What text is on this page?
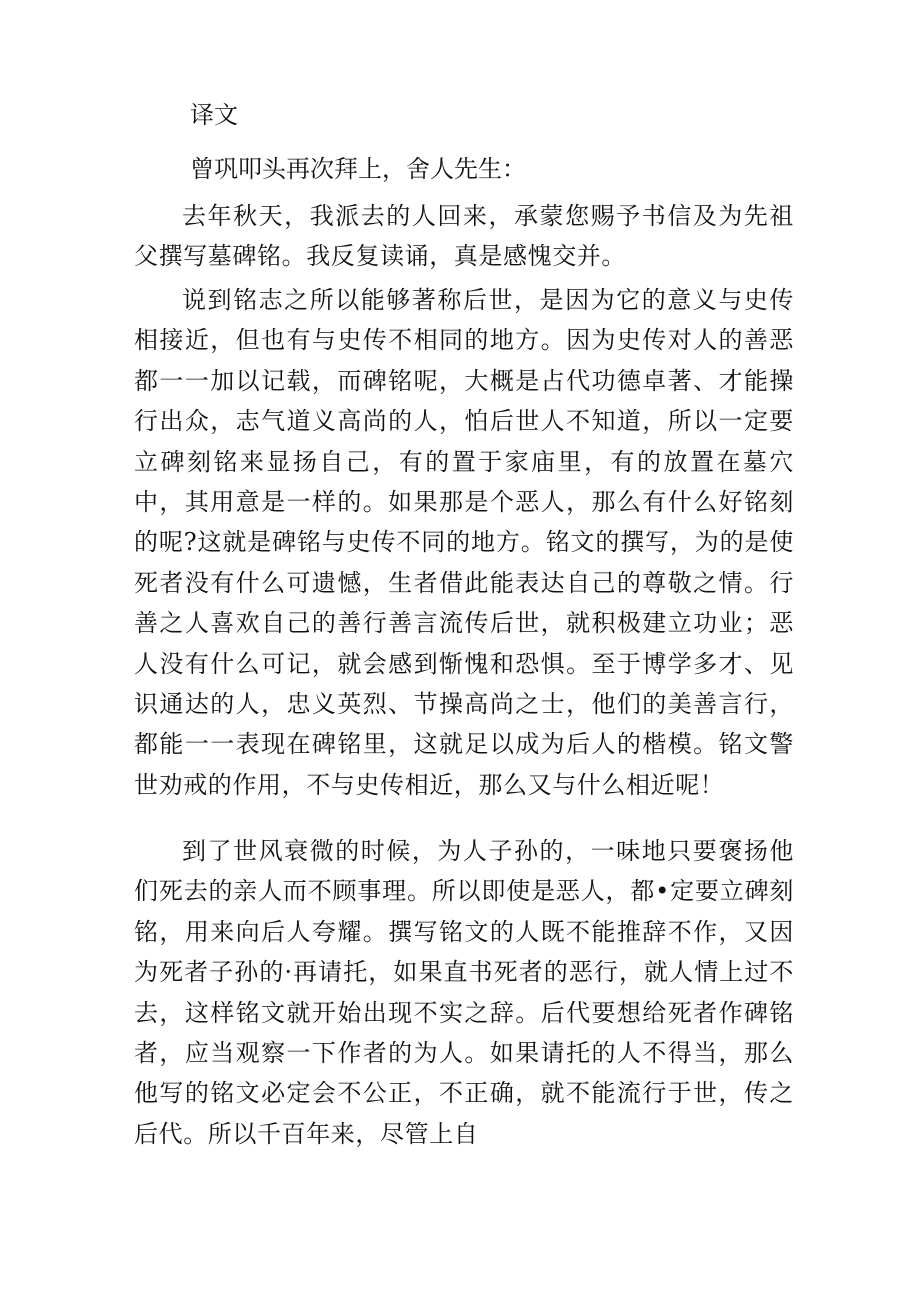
译文
曾巩叩头再次拜上，舍人先生：

去年秋天，我派去的人回来，承蒙您赐予书信及为先祖父撰写墓碑铭。我反复读诵，真是感愧交并。

说到铭志之所以能够著称后世，是因为它的意义与史传相接近，但也有与史传不相同的地方。因为史传对人的善恶都一一加以记载，而碑铭呢，大概是占代功德卓著、才能操行出众，志气道义高尚的人，怕后世人不知道，所以一定要立碑刻铭来显扬自己，有的置于家庙里，有的放置在墓穴中，其用意是一样的。如果那是个恶人，那么有什么好铭刻的呢?这就是碑铭与史传不同的地方。铭文的撰写，为的是使死者没有什么可遗憾，生者借此能表达自己的尊敬之情。行善之人喜欢自己的善行善言流传后世，就积极建立功业；恶人没有什么可记，就会感到惭愧和恐惧。至于博学多才、见识通达的人，忠义英烈、节操高尚之士，他们的美善言行，都能一一表现在碑铭里，这就足以成为后人的楷模。铭文警世劝戒的作用，不与史传相近，那么又与什么相近呢！

到了世风衰微的时候，为人子孙的，一味地只要褒扬他们死去的亲人而不顾事理。所以即使是恶人，都•定要立碑刻铭，用来向后人夸耀。撰写铭文的人既不能推辞不作，又因为死者子孙的·再请托，如果直书死者的恶行，就人情上过不去，这样铭文就开始出现不实之辞。后代要想给死者作碑铭者，应当观察一下作者的为人。如果请托的人不得当，那么他写的铭文必定会不公正，不正确，就不能流行于世，传之后代。所以千百年来，尽管上自
